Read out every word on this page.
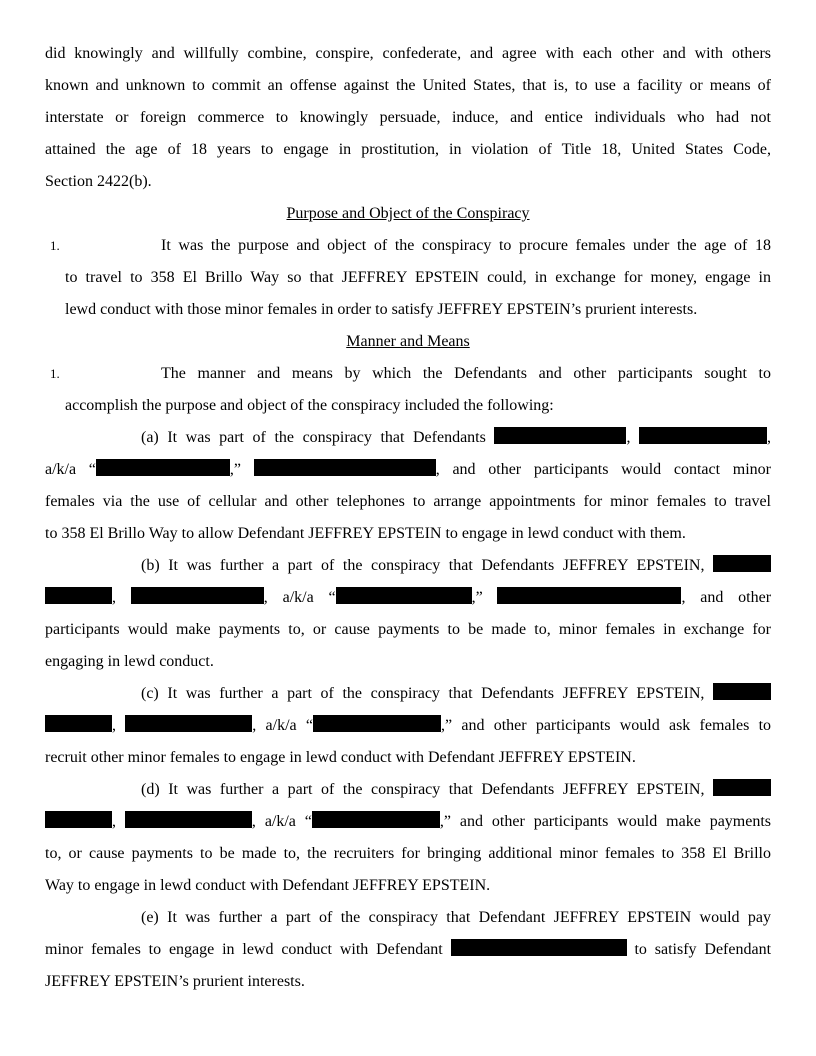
did knowingly and willfully combine, conspire, confederate, and agree with each other and with others
known and unknown to commit an offense against the United States, that is, to use a facility or means of
interstate or foreign commerce to knowingly persuade, induce, and entice individuals who had not
attained the age of 18 years to engage in prostitution, in violation of Title 18, United States Code,
Section 2422(b).
Purpose and Object of the Conspiracy
1.	It was the purpose and object of the conspiracy to procure females under the age of 18
to travel to 358 El Brillo Way so that JEFFREY EPSTEIN could, in exchange for money, engage in
lewd conduct with those minor females in order to satisfy JEFFREY EPSTEIN’s prurient interests.
Manner and Means
1.	The manner and means by which the Defendants and other participants sought to
accomplish the purpose and object of the conspiracy included the following:
(a) It was part of the conspiracy that Defendants	,	,
a/k/a “	,”	, and other participants would contact minor
females via the use of cellular and other telephones to arrange appointments for minor females to travel
to 358 El Brillo Way to allow Defendant JEFFREY EPSTEIN to engage in lewd conduct with them.
(b) It was further a part of the conspiracy that Defendants JEFFREY EPSTEIN,
,	, a/k/a “	,”	, and other
participants would make payments to, or cause payments to be made to, minor females in exchange for
engaging in lewd conduct.
(c) It was further a part of the conspiracy that Defendants JEFFREY EPSTEIN,
,	, a/k/a “	,” and other participants would ask females to
recruit other minor females to engage in lewd conduct with Defendant JEFFREY EPSTEIN.
(d) It was further a part of the conspiracy that Defendants JEFFREY EPSTEIN,
,	, a/k/a “	,” and other participants would make payments
to, or cause payments to be made to, the recruiters for bringing additional minor females to 358 El Brillo
Way to engage in lewd conduct with Defendant JEFFREY EPSTEIN.
(e) It was further a part of the conspiracy that Defendant JEFFREY EPSTEIN would pay
minor females to engage in lewd conduct with Defendant	to satisfy Defendant
JEFFREY EPSTEIN’s prurient interests.
